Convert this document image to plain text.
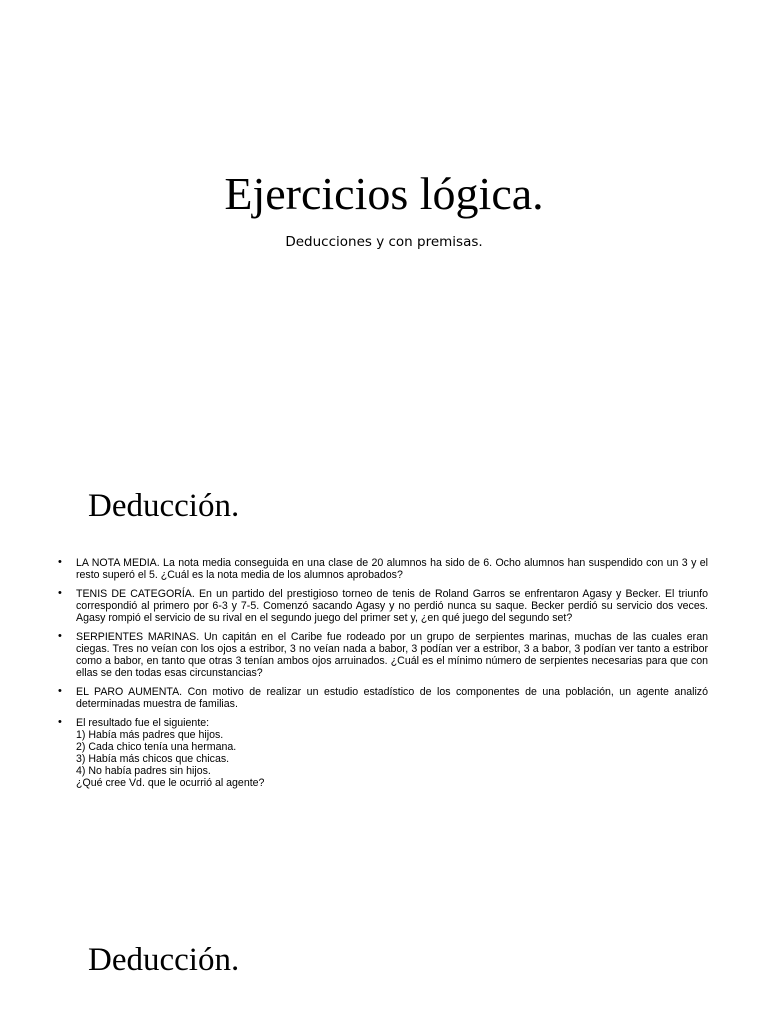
Ejercicios lógica.

Deducciones y con premisas.

Deducción.
• LA NOTA MEDIA. La nota media conseguida en una clase de 20 alumnos ha sido de 6. Ocho alumnos han suspendido con un 3 y el resto superó el 5. ¿Cuál es la nota media de los alumnos aprobados?
• TENIS DE CATEGORÍA. En un partido del prestigioso torneo de tenis de Roland Garros se enfrentaron Agasy y Becker. El triunfo correspondió al primero por 6-3 y 7-5. Comenzó sacando Agasy y no perdió nunca su saque. Becker perdió su servicio dos veces. Agasy rompió el servicio de su rival en el segundo juego del primer set y, ¿en qué juego del segundo set?
• SERPIENTES MARINAS. Un capitán en el Caribe fue rodeado por un grupo de serpientes marinas, muchas de las cuales eran ciegas. Tres no veían con los ojos a estribor, 3 no veían nada a babor, 3 podían ver a estribor, 3 a babor, 3 podían ver tanto a estribor como a babor, en tanto que otras 3 tenían ambos ojos arruinados. ¿Cuál es el mínimo número de serpientes necesarias para que con ellas se den todas esas circunstancias?
• EL PARO AUMENTA. Con motivo de realizar un estudio estadístico de los componentes de una población, un agente analizó determinadas muestra de familias.
• El resultado fue el siguiente:
1) Había más padres que hijos.
2) Cada chico tenía una hermana.
3) Había más chicos que chicas.
4) No había padres sin hijos.
¿Qué cree Vd. que le ocurrió al agente?
Deducción.
